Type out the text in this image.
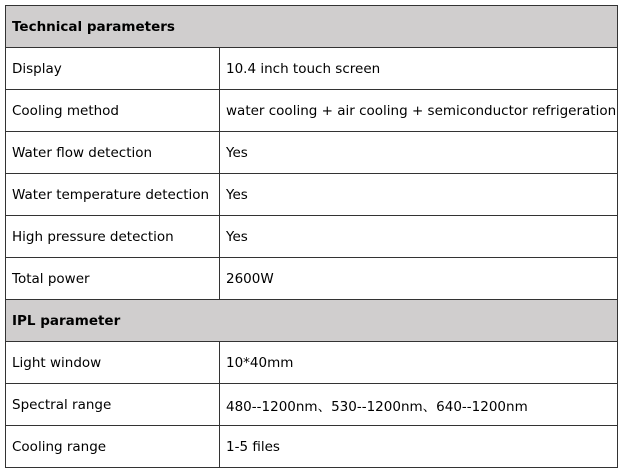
Technical parameters	
Display	10.4 inch touch screen
Cooling method	water cooling + air cooling + semiconductor refrigeration
Water flow detection	Yes
Water temperature detection	Yes
High pressure detection	Yes
Total power	2600W
IPL parameter	
Light window	10*40mm
Spectral range	480--1200nm、530--1200nm、640--1200nm
Cooling range	1-5 files
